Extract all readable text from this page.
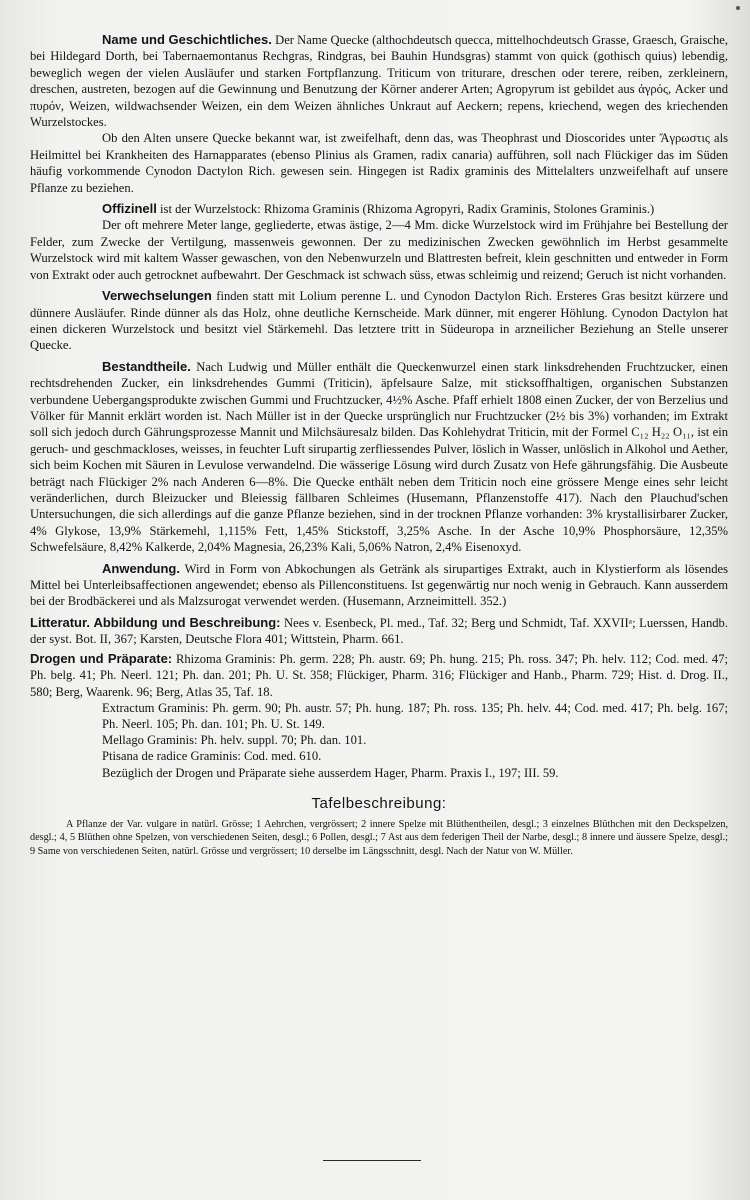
Name und Geschichtliches. Der Name Quecke (althochdeutsch quecca, mittelhochdeutsch Grasse, Graesch, Graische, bei Hildegard Dorth, bei Tabernaemontanus Rechgras, Rindgras, bei Bauhin Hundsgras) stammt von quick (gothisch quius) lebendig, beweglich wegen der vielen Ausläufer und starken Fortpflanzung. Triticum von triturare, dreschen oder terere, reiben, zerkleinern, dreschen, austreten, bezogen auf die Gewinnung und Benutzung der Körner anderer Arten; Agropyrum ist gebildet aus ἀγρός, Acker und πυρόν, Weizen, wildwachsender Weizen, ein dem Weizen ähnliches Unkraut auf Aeckern; repens, kriechend, wegen des kriechenden Wurzelstockes.

Ob den Alten unsere Quecke bekannt war, ist zweifelhaft, denn das, was Theophrast und Dioscorides unter Ἄγρωστις als Heilmittel bei Krankheiten des Harnapparates (ebenso Plinius als Gramen, radix canaria) aufführen, soll nach Flückiger das im Süden häufig vorkommende Cynodon Dactylon Rich. gewesen sein. Hingegen ist Radix graminis des Mittelalters unzweifelhaft auf unsere Pflanze zu beziehen.

Offizinell ist der Wurzelstock: Rhizoma Graminis (Rhizoma Agropyri, Radix Graminis, Stolones Graminis.)

Der oft mehrere Meter lange, gegliederte, etwas ästige, 2—4 Mm. dicke Wurzelstock wird im Frühjahre bei Bestellung der Felder, zum Zwecke der Vertilgung, massenweis gewonnen. Der zu medizinischen Zwecken gewöhnlich im Herbst gesammelte Wurzelstock wird mit kaltem Wasser gewaschen, von den Nebenwurzeln und Blattresten befreit, klein geschnitten und entweder in Form von Extrakt oder auch getrocknet aufbewahrt. Der Geschmack ist schwach süss, etwas schleimig und reizend; Geruch ist nicht vorhanden.

Verwechselungen finden statt mit Lolium perenne L. und Cynodon Dactylon Rich. Ersteres Gras besitzt kürzere und dünnere Ausläufer. Rinde dünner als das Holz, ohne deutliche Kernscheide. Mark dünner, mit engerer Höhlung. Cynodon Dactylon hat einen dickeren Wurzelstock und besitzt viel Stärkemehl. Das letztere tritt in Südeuropa in arzneilicher Beziehung an Stelle unserer Quecke.

Bestandtheile. Nach Ludwig und Müller enthält die Queckenwurzel einen stark linksdrehenden Fruchtzucker, einen rechtsdrehenden Zucker, ein linksdrehendes Gummi (Triticin), äpfelsaure Salze, mit sticksoffhaltigen, organischen Substanzen verbundene Uebergangsprodukte zwischen Gummi und Fruchtzucker, 4½% Asche. Pfaff erhielt 1808 einen Zucker, der von Berzelius und Völker für Mannit erklärt worden ist. Nach Müller ist in der Quecke ursprünglich nur Fruchtzucker (2½ bis 3%) vorhanden; im Extrakt soll sich jedoch durch Gährungsprozesse Mannit und Milchsäuresalz bilden. Das Kohlehydrat Triticin, mit der Formel C₁₂ H₂₂ O₁₁, ist ein geruch- und geschmackloses, weisses, in feuchter Luft sirupartig zerfliessendes Pulver, löslich in Wasser, unlöslich in Alkohol und Aether, sich beim Kochen mit Säuren in Levulose verwandelnd. Die wässerige Lösung wird durch Zusatz von Hefe gährungsfähig. Die Ausbeute beträgt nach Flückiger 2% nach Anderen 6—8%. Die Quecke enthält neben dem Triticin noch eine grössere Menge eines sehr leicht veränderlichen, durch Bleizucker und Bleiessig fällbaren Schleimes (Husemann, Pflanzenstoffe 417). Nach den Plauchud'schen Untersuchungen, die sich allerdings auf die ganze Pflanze beziehen, sind in der trocknen Pflanze vorhanden: 3% krystallisirbarer Zucker, 4% Glykose, 13,9% Stärkemehl, 1,115% Fett, 1,45% Stickstoff, 3,25% Asche. In der Asche 10,9% Phosphorsäure, 12,35% Schwefelsäure, 8,42% Kalkerde, 2,04% Magnesia, 26,23% Kali, 5,06% Natron, 2,4% Eisenoxyd.

Anwendung. Wird in Form von Abkochungen als Getränk als sirupartiges Extrakt, auch in Klystierform als lösendes Mittel bei Unterleibsaffectionen angewendet; ebenso als Pillenconstituens. Ist gegenwärtig nur noch wenig in Gebrauch. Kann ausserdem bei der Brodbäckerei und als Malzsurogat verwendet werden. (Husemann, Arzneimittell. 352.)

Litteratur. Abbildung und Beschreibung: Nees v. Esenbeck, Pl. med., Taf. 32; Berg und Schmidt, Taf. XXVIIᵃ; Luerssen, Handb. der syst. Bot. II, 367; Karsten, Deutsche Flora 401; Wittstein, Pharm. 661.

Drogen und Präparate: Rhizoma Graminis: Ph. germ. 228; Ph. austr. 69; Ph. hung. 215; Ph. ross. 347; Ph. helv. 112; Cod. med. 47; Ph. belg. 41; Ph. Neerl. 121; Ph. dan. 201; Ph. U. St. 358; Flückiger, Pharm. 316; Flückiger and Hanb., Pharm. 729; Hist. d. Drog. II., 580; Berg, Waarenk. 96; Berg, Atlas 35, Taf. 18.

Extractum Graminis: Ph. germ. 90; Ph. austr. 57; Ph. hung. 187; Ph. ross. 135; Ph. helv. 44; Cod. med. 417; Ph. belg. 167; Ph. Neerl. 105; Ph. dan. 101; Ph. U. St. 149.

Mellago Graminis: Ph. helv. suppl. 70; Ph. dan. 101.

Ptisana de radice Graminis: Cod. med. 610.

Bezüglich der Drogen und Präparate siehe ausserdem Hager, Pharm. Praxis I., 197; III. 59.

Tafelbeschreibung:

A Pflanze der Var. vulgare in natürl. Grösse; 1 Aehrchen, vergrössert; 2 innere Spelze mit Blüthentheilen, desgl.; 3 einzelnes Blüthchen mit den Deckspelzen, desgl.; 4, 5 Blüthen ohne Spelzen, von verschiedenen Seiten, desgl.; 6 Pollen, desgl.; 7 Ast aus dem federigen Theil der Narbe, desgl.; 8 innere und äussere Spelze, desgl.; 9 Same von verschiedenen Seiten, natürl. Grösse und vergrössert; 10 derselbe im Längsschnitt, desgl. Nach der Natur von W. Müller.
